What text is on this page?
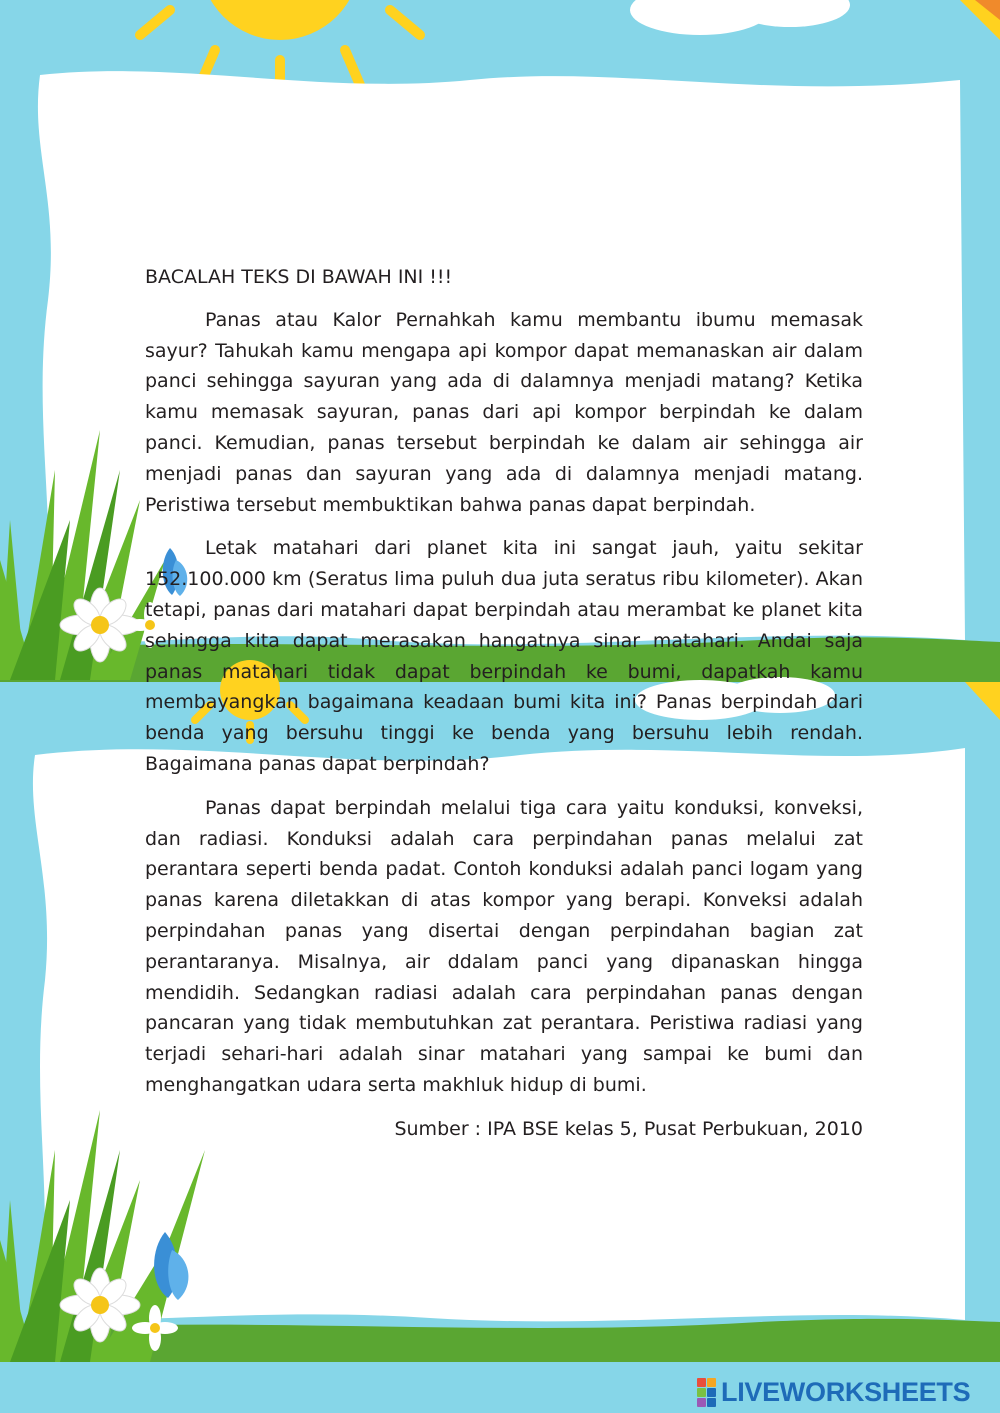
BACALAH TEKS DI BAWAH INI !!!

Panas atau Kalor Pernahkah kamu membantu ibumu memasak sayur? Tahukah kamu mengapa api kompor dapat memanaskan air dalam panci sehingga sayuran yang ada di dalamnya menjadi matang? Ketika kamu memasak sayuran, panas dari api kompor berpindah ke dalam panci. Kemudian, panas tersebut berpindah ke dalam air sehingga air menjadi panas dan sayuran yang ada di dalamnya menjadi matang. Peristiwa tersebut membuktikan bahwa panas dapat berpindah.

Letak matahari dari planet kita ini sangat jauh, yaitu sekitar 152.100.000 km (Seratus lima puluh dua juta seratus ribu kilometer). Akan tetapi, panas dari matahari dapat berpindah atau merambat ke planet kita sehingga kita dapat merasakan hangatnya sinar matahari. Andai saja panas matahari tidak dapat berpindah ke bumi, dapatkah kamu membayangkan bagaimana keadaan bumi kita ini? Panas berpindah dari benda yang bersuhu tinggi ke benda yang bersuhu lebih rendah. Bagaimana panas dapat berpindah?

Panas dapat berpindah melalui tiga cara yaitu konduksi, konveksi, dan radiasi. Konduksi adalah cara perpindahan panas melalui zat perantara seperti benda padat. Contoh konduksi adalah panci logam yang panas karena diletakkan di atas kompor yang berapi. Konveksi adalah perpindahan panas yang disertai dengan perpindahan bagian zat perantaranya. Misalnya, air ddalam panci yang dipanaskan hingga mendidih. Sedangkan radiasi adalah cara perpindahan panas dengan pancaran yang tidak membutuhkan zat perantara. Peristiwa radiasi yang terjadi sehari-hari adalah sinar matahari yang sampai ke bumi dan menghangatkan udara serta makhluk hidup di bumi.

Sumber : IPA BSE kelas 5, Pusat Perbukuan, 2010

LIVEWORKSHEETS
